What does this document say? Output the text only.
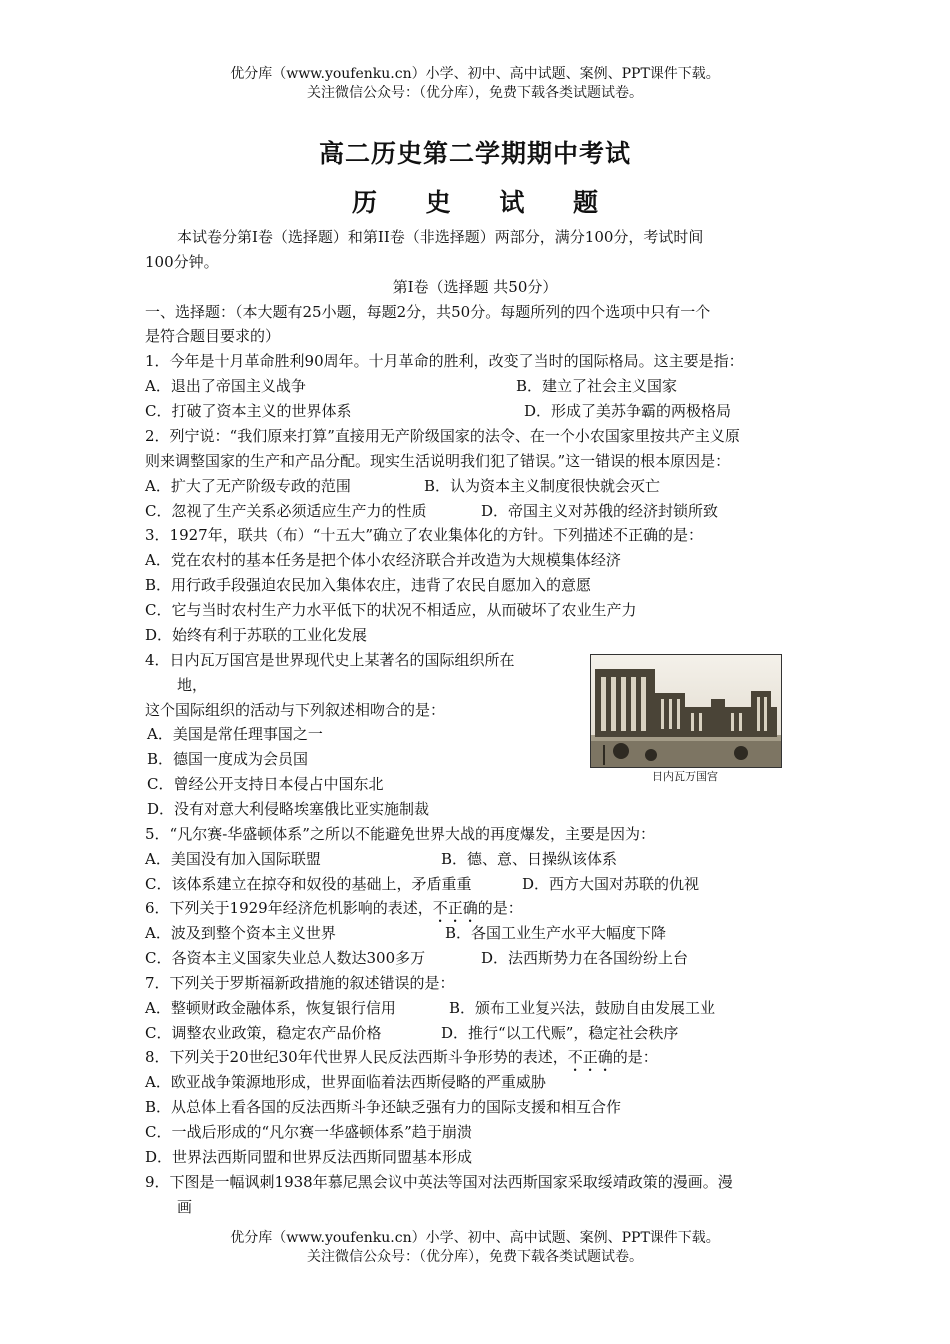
优分库（www.youfenku.cn）小学、初中、高中试题、案例、PPT课件下载。
关注微信公众号：（优分库），免费下载各类试题试卷。
高二历史第二学期期中考试
历 史 试 题
本试卷分第Ⅰ卷（选择题）和第II卷（非选择题）两部分，满分100分，考试时间
100分钟。
第Ⅰ卷（选择题 共50分）
一、选择题：（本大题有25小题，每题2分，共50分。每题所列的四个选项中只有一个
是符合题目要求的）
1．今年是十月革命胜利90周年。十月革命的胜利，改变了当时的国际格局。这主要是指：
A．退出了帝国主义战争	B．建立了社会主义国家
C．打破了资本主义的世界体系	D．形成了美苏争霸的两极格局
2．列宁说：“我们原来打算”直接用无产阶级国家的法令、在一个小农国家里按共产主义原
则来调整国家的生产和产品分配。现实生活说明我们犯了错误。”这一错误的根本原因是：
A．扩大了无产阶级专政的范围	B．认为资本主义制度很快就会灭亡
C．忽视了生产关系必须适应生产力的性质	D．帝国主义对苏俄的经济封锁所致
3．1927年，联共（布）“十五大”确立了农业集体化的方针。下列描述不正确的是：
A．党在农村的基本任务是把个体小农经济联合并改造为大规模集体经济
B．用行政手段强迫农民加入集体农庄，违背了农民自愿加入的意愿
C．它与当时农村生产力水平低下的状况不相适应，从而破坏了农业生产力
D．始终有利于苏联的工业化发展
4．日内瓦万国宫是世界现代史上某著名的国际组织所在
地，
这个国际组织的活动与下列叙述相吻合的是：
A．美国是常任理事国之一
B．德国一度成为会员国
C．曾经公开支持日本侵占中国东北
D．没有对意大利侵略埃塞俄比亚实施制裁
日内瓦万国宫
5．“凡尔赛-华盛顿体系”之所以不能避免世界大战的再度爆发，主要是因为：
A．美国没有加入国际联盟	B．德、意、日操纵该体系
C．该体系建立在掠夺和奴役的基础上，矛盾重重	D．西方大国对苏联的仇视
6．下列关于1929年经济危机影响的表述，不正确的是：
A．波及到整个资本主义世界	B．各国工业生产水平大幅度下降
C．各资本主义国家失业总人数达300多万	D．法西斯势力在各国纷纷上台
7．下列关于罗斯福新政措施的叙述错误的是：
A．整顿财政金融体系，恢复银行信用	B．颁布工业复兴法，鼓励自由发展工业
C．调整农业政策，稳定农产品价格	D．推行“以工代赈”，稳定社会秩序
8．下列关于20世纪30年代世界人民反法西斯斗争形势的表述，不正确的是：
A．欧亚战争策源地形成，世界面临着法西斯侵略的严重威胁
B．从总体上看各国的反法西斯斗争还缺乏强有力的国际支援和相互合作
C．一战后形成的“凡尔赛一华盛顿体系”趋于崩溃
D．世界法西斯同盟和世界反法西斯同盟基本形成
9．下图是一幅讽刺1938年慕尼黑会议中英法等国对法西斯国家采取绥靖政策的漫画。漫
画
优分库（www.youfenku.cn）小学、初中、高中试题、案例、PPT课件下载。
关注微信公众号：（优分库），免费下载各类试题试卷。
